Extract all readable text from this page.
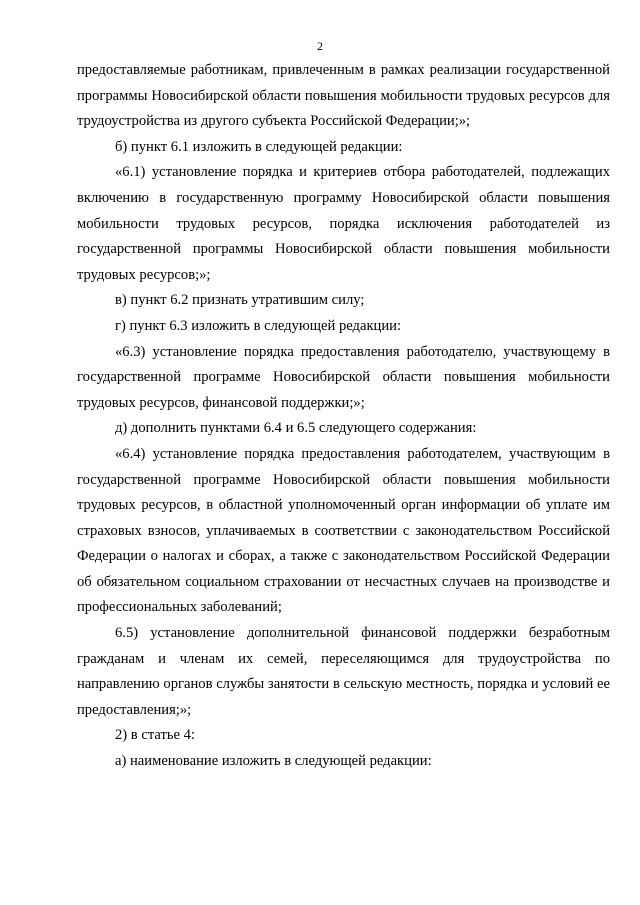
2

предоставляемые работникам, привлеченным в рамках реализации государственной программы Новосибирской области повышения мобильности трудовых ресурсов для трудоустройства из другого субъекта Российской Федерации;»;

б) пункт 6.1 изложить в следующей редакции:

«6.1) установление порядка и критериев отбора работодателей, подлежащих включению в государственную программу Новосибирской области повышения мобильности трудовых ресурсов, порядка исключения работодателей из государственной программы Новосибирской области повышения мобильности трудовых ресурсов;»;

в) пункт 6.2 признать утратившим силу;

г) пункт 6.3 изложить в следующей редакции:

«6.3) установление порядка предоставления работодателю, участвующему в государственной программе Новосибирской области повышения мобильности трудовых ресурсов, финансовой поддержки;»;

д) дополнить пунктами 6.4 и 6.5 следующего содержания:

«6.4) установление порядка предоставления работодателем, участвующим в государственной программе Новосибирской области повышения мобильности трудовых ресурсов, в областной уполномоченный орган информации об уплате им страховых взносов, уплачиваемых в соответствии с законодательством Российской Федерации о налогах и сборах, а также с законодательством Российской Федерации об обязательном социальном страховании от несчастных случаев на производстве и профессиональных заболеваний;

6.5) установление дополнительной финансовой поддержки безработным гражданам и членам их семей, переселяющимся для трудоустройства по направлению органов службы занятости в сельскую местность, порядка и условий ее предоставления;»;

2) в статье 4:

а) наименование изложить в следующей редакции:
